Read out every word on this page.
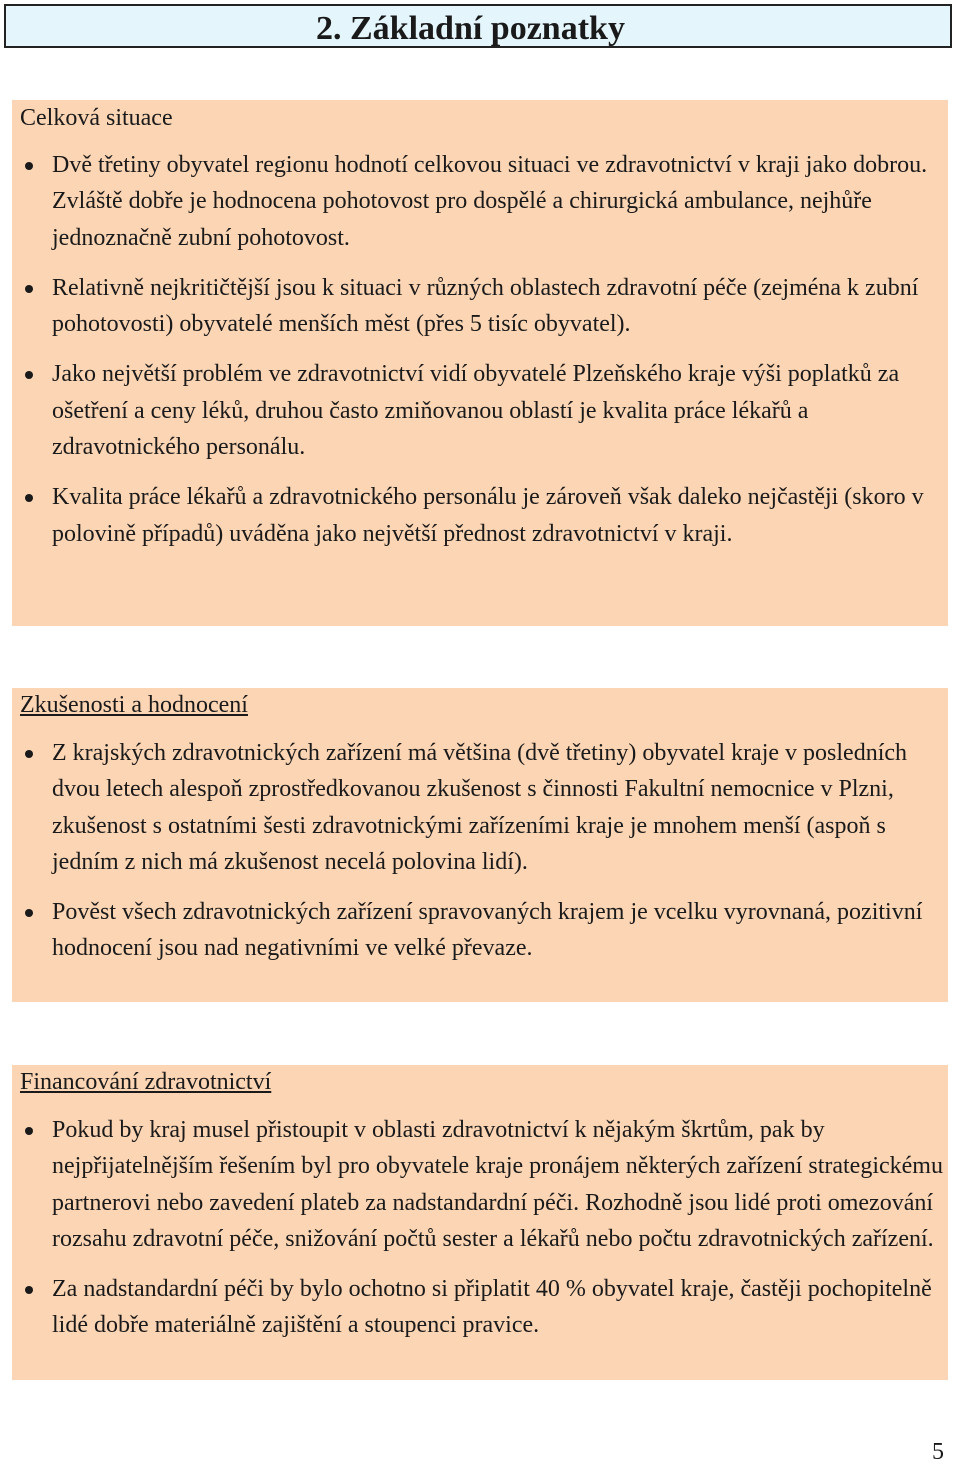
2. Základní poznatky
Celková situace
Dvě třetiny obyvatel regionu hodnotí celkovou situaci ve zdravotnictví v kraji jako dobrou. Zvláště dobře je hodnocena pohotovost pro dospělé a chirurgická ambulance, nejhůře jednoznačně zubní pohotovost.
Relativně nejkritičtější jsou k situaci v různých oblastech zdravotní péče (zejména k zubní pohotovosti) obyvatelé menších měst (přes 5 tisíc obyvatel).
Jako největší problém ve zdravotnictví vidí obyvatelé Plzeňského kraje výši poplatků za ošetření a ceny léků, druhou často zmiňovanou oblastí je kvalita práce lékařů a zdravotnického personálu.
Kvalita práce lékařů a zdravotnického personálu je zároveň však daleko nejčastěji (skoro v polovině případů) uváděna jako největší přednost zdravotnictví v kraji.
Zkušenosti a hodnocení
Z krajských zdravotnických zařízení má většina (dvě třetiny) obyvatel kraje v posledních dvou letech alespoň zprostředkovanou zkušenost s činnosti Fakultní nemocnice v Plzni, zkušenost s ostatními šesti zdravotnickými zařízeními kraje je mnohem menší (aspoň s jedním z nich má zkušenost necelá polovina lidí).
Pověst všech zdravotnických zařízení spravovaných krajem je vcelku vyrovnaná, pozitivní hodnocení jsou nad negativními ve velké převaze.
Financování zdravotnictví
Pokud by kraj musel přistoupit v oblasti zdravotnictví k nějakým škrtům, pak by nejpřijatelnějším řešením byl pro obyvatele kraje pronájem některých zařízení strategickému partnerovi nebo zavedení plateb za nadstandardní péči. Rozhodně jsou lidé proti omezování rozsahu zdravotní péče, snižování počtů sester a lékařů nebo počtu zdravotnických zařízení.
Za nadstandardní péči by bylo ochotno si připlatit 40 % obyvatel kraje, častěji pochopitelně lidé dobře materiálně zajištění a stoupenci pravice.
5
